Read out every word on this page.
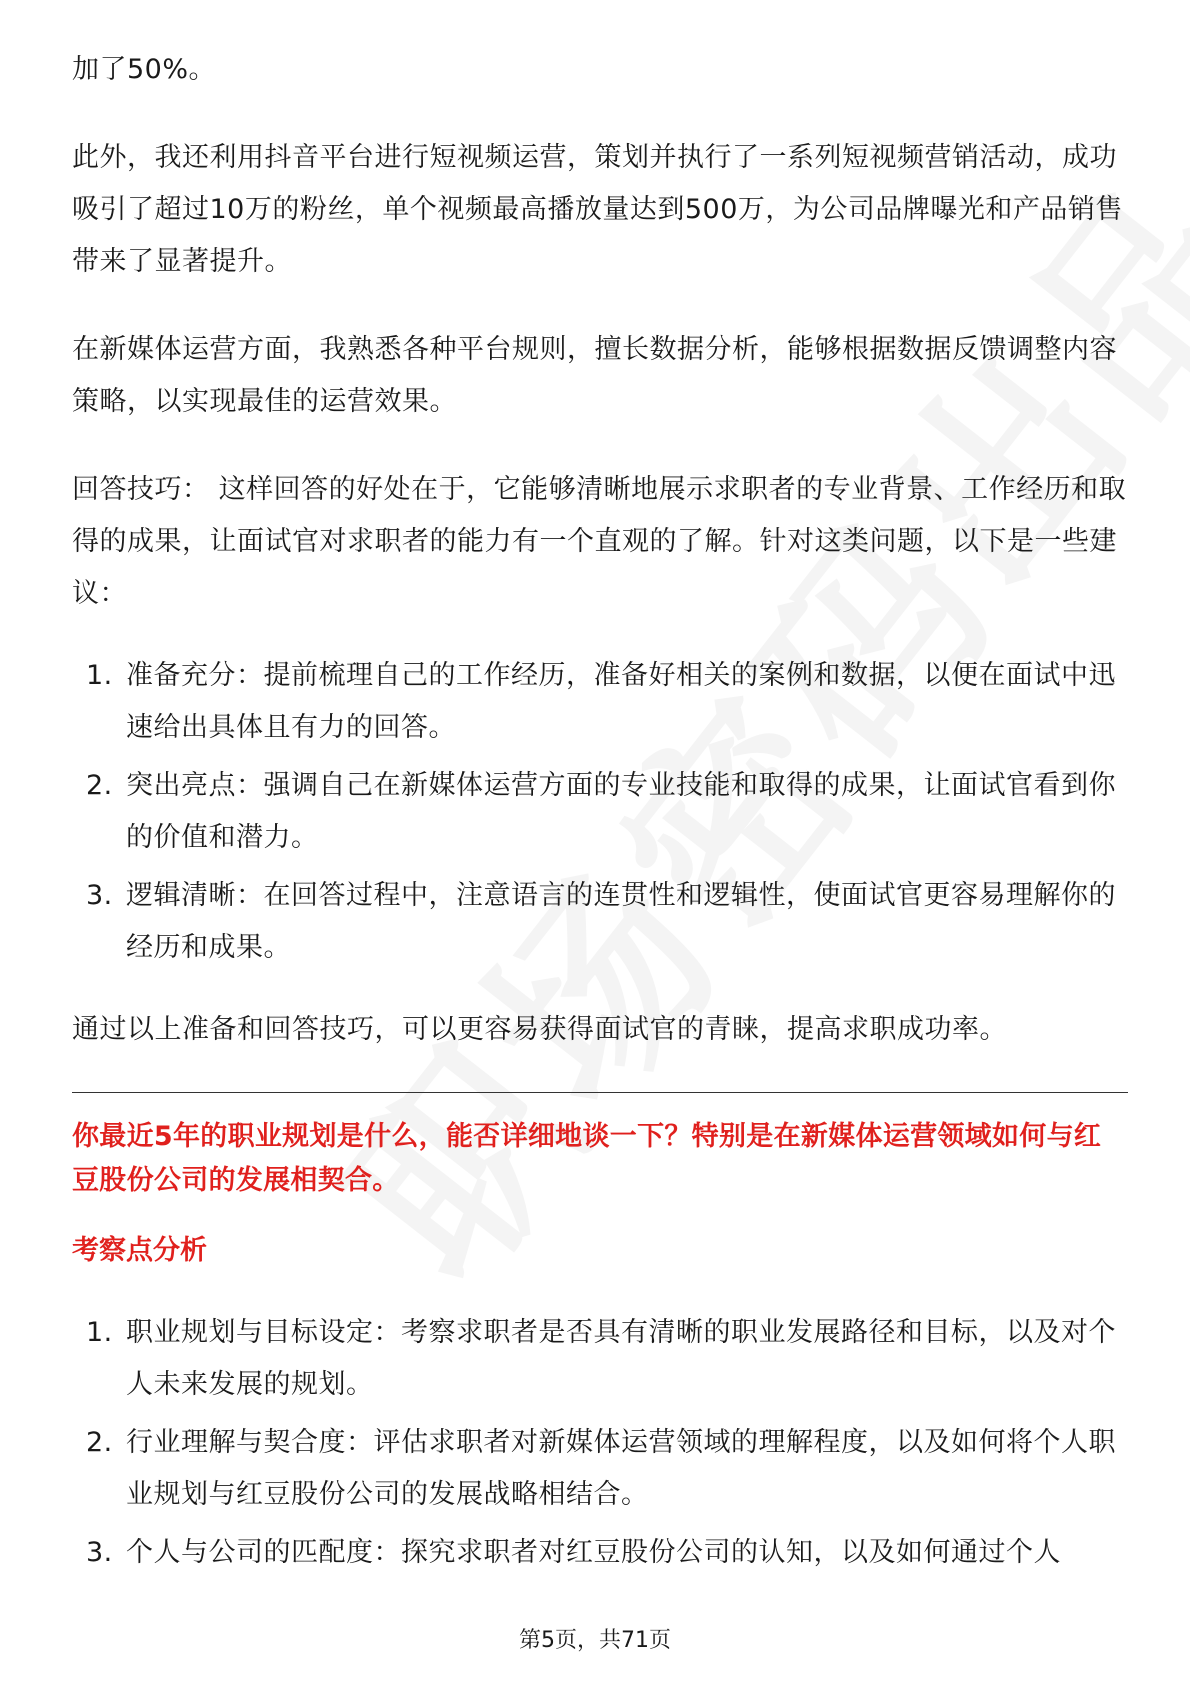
加了50%。

此外，我还利用抖音平台进行短视频运营，策划并执行了一系列短视频营销活动，成功吸引了超过10万的粉丝，单个视频最高播放量达到500万，为公司品牌曝光和产品销售带来了显著提升。

在新媒体运营方面，我熟悉各种平台规则，擅长数据分析，能够根据数据反馈调整内容策略，以实现最佳的运营效果。

回答技巧： 这样回答的好处在于，它能够清晰地展示求职者的专业背景、工作经历和取得的成果，让面试官对求职者的能力有一个直观的了解。针对这类问题，以下是一些建议：

1. 准备充分：提前梳理自己的工作经历，准备好相关的案例和数据，以便在面试中迅速给出具体且有力的回答。
2. 突出亮点：强调自己在新媒体运营方面的专业技能和取得的成果，让面试官看到你的价值和潜力。
3. 逻辑清晰：在回答过程中，注意语言的连贯性和逻辑性，使面试官更容易理解你的经历和成果。

通过以上准备和回答技巧，可以更容易获得面试官的青睐，提高求职成功率。

你最近5年的职业规划是什么，能否详细地谈一下？特别是在新媒体运营领域如何与红豆股份公司的发展相契合。

考察点分析

1. 职业规划与目标设定：考察求职者是否具有清晰的职业发展路径和目标，以及对个人未来发展的规划。
2. 行业理解与契合度：评估求职者对新媒体运营领域的理解程度，以及如何将个人职业规划与红豆股份公司的发展战略相结合。
3. 个人与公司的匹配度：探究求职者对红豆股份公司的认知，以及如何通过个人
第5页，共71页
